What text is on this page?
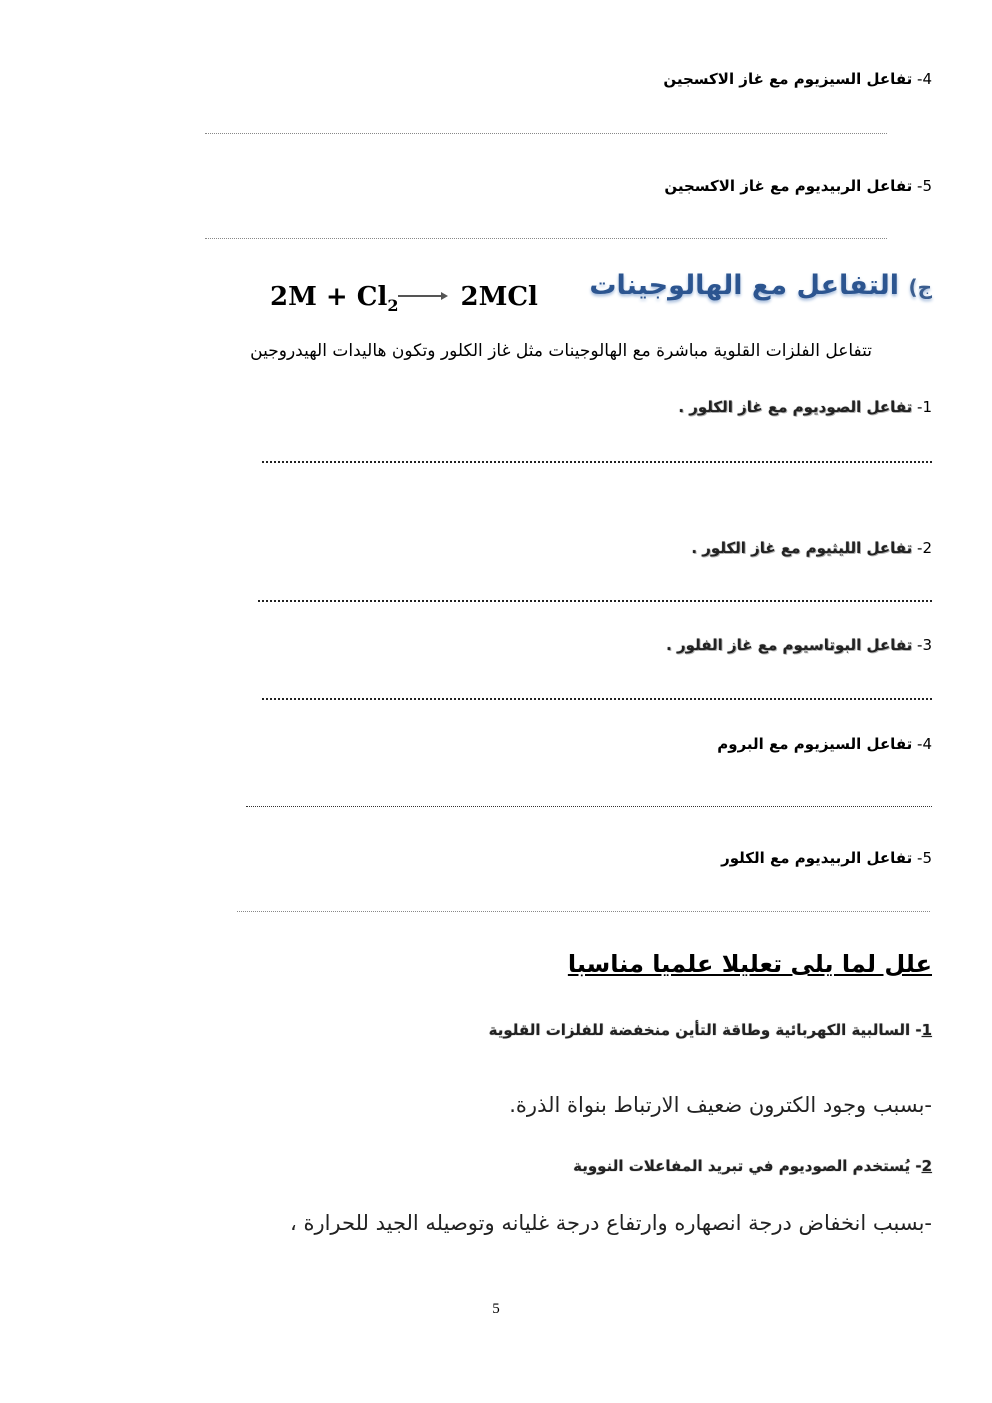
4- تفاعل السيزيوم مع غاز الاكسجين
5- تفاعل الربيديوم مع غاز الاكسجين
ج) التفاعل مع الهالوجينات
$2M + Cl_2 \to 2MCl$
تتفاعل الفلزات القلوية مباشرة مع الهالوجينات مثل غاز الكلور وتكون هاليدات الهيدروجين
1- تفاعل الصوديوم مع غاز الكلور .
2- تفاعل الليثيوم مع غاز الكلور .
3- تفاعل البوتاسيوم مع غاز الفلور .
4- تفاعل السيزيوم مع البروم
5- تفاعل الربيديوم مع الكلور
علل لما يلى تعليلا علميا مناسبا
1- السالبية الكهربائية وطاقة التأين منخفضة للفلزات القلوية
-بسبب وجود الكترون ضعيف الارتباط بنواة الذرة.
2- يُستخدم الصوديوم في تبريد المفاعلات النووية
-بسبب انخفاض درجة انصهاره وارتفاع درجة غليانه وتوصيله الجيد للحرارة ،
5
